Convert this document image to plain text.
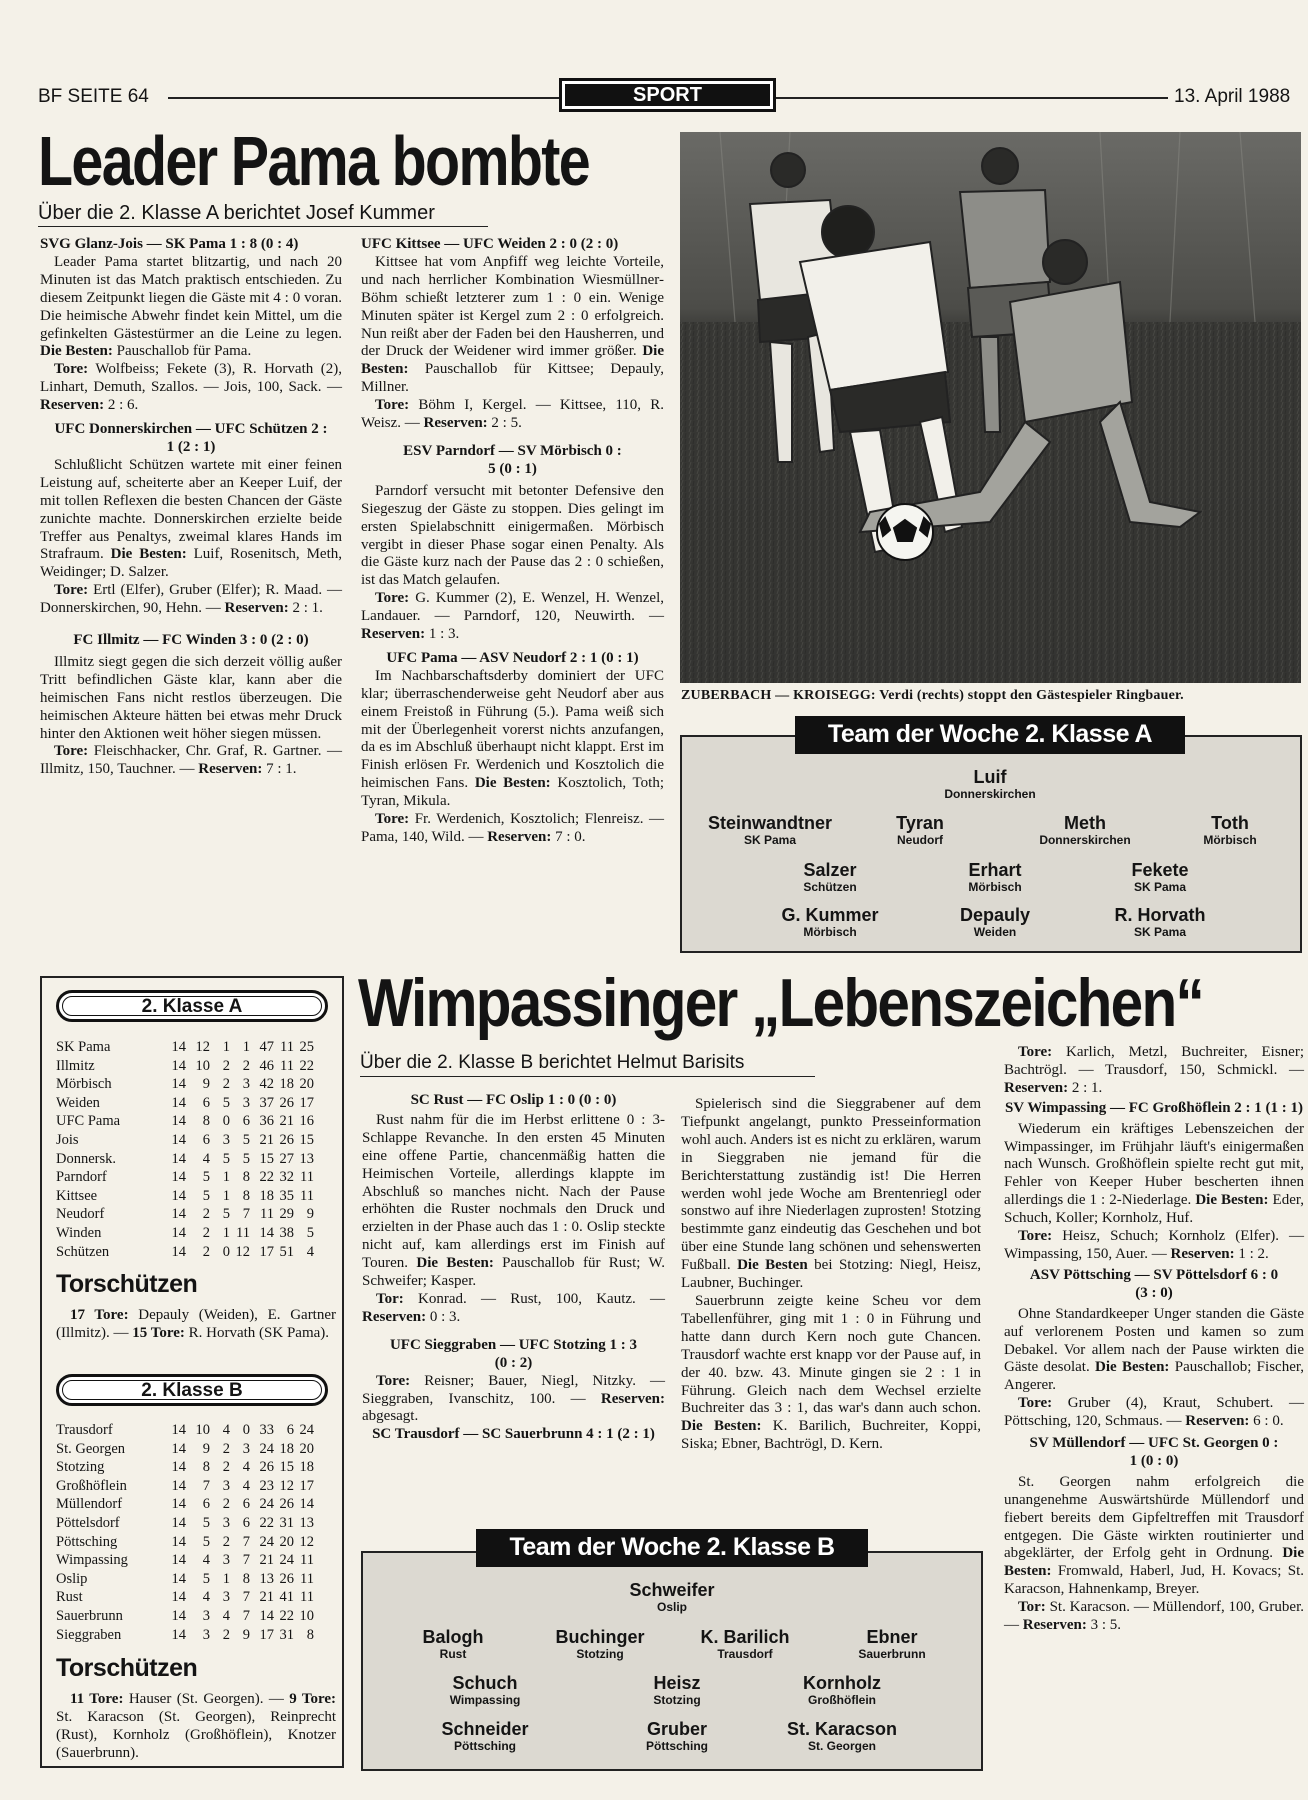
BF SEITE 64	SPORT	13. April 1988
Leader Pama bombte
Über die 2. Klasse A berichtet Josef Kummer

SVG Glanz-Jois — SK Pama 1 : 8 (0 : 4)

Leader Pama startet blitzartig, und nach 20 Minuten ist das Match praktisch entschieden. Zu diesem Zeitpunkt liegen die Gäste mit 4 : 0 voran. Die heimische Abwehr findet kein Mittel, um die gefinkelten Gästestürmer an die Leine zu legen. Die Besten: Pauschallob für Pama.

Tore: Wolfbeiss; Fekete (3), R. Horvath (2), Linhart, Demuth, Szallos. — Jois, 100, Sack. — Reserven: 2 : 6.

UFC Donnerskirchen — UFC Schützen 2 : 1 (2 : 1)

Schlußlicht Schützen wartete mit einer feinen Leistung auf, scheiterte aber an Keeper Luif, der mit tollen Reflexen die besten Chancen der Gäste zunichte machte. Donnerskirchen erzielte beide Treffer aus Penaltys, zweimal klares Hands im Strafraum. Die Besten: Luif, Rosenitsch, Meth, Weidinger; D. Salzer.

Tore: Ertl (Elfer), Gruber (Elfer); R. Maad. — Donnerskirchen, 90, Hehn. — Reserven: 2 : 1.

FC Illmitz — FC Winden 3 : 0 (2 : 0)

Illmitz siegt gegen die sich derzeit völlig außer Tritt befindlichen Gäste klar, kann aber die heimischen Fans nicht restlos überzeugen. Die heimischen Akteure hätten bei etwas mehr Druck hinter den Aktionen weit höher siegen müssen.

Tore: Fleischhacker, Chr. Graf, R. Gartner. — Illmitz, 150, Tauchner. — Reserven: 7 : 1.

UFC Kittsee — UFC Weiden 2 : 0 (2 : 0)

Kittsee hat vom Anpfiff weg leichte Vorteile, und nach herrlicher Kombination Wiesmüllner-Böhm schießt letzterer zum 1 : 0 ein. Wenige Minuten später ist Kergel zum 2 : 0 erfolgreich. Nun reißt aber der Faden bei den Hausherren, und der Druck der Weidener wird immer größer. Die Besten: Pauschallob für Kittsee; Depauly, Millner.

Tore: Böhm I, Kergel. — Kittsee, 110, R. Weisz. — Reserven: 2 : 5.

ESV Parndorf — SV Mörbisch 0 : 5 (0 : 1)

Parndorf versucht mit betonter Defensive den Siegeszug der Gäste zu stoppen. Dies gelingt im ersten Spielabschnitt einigermaßen. Mörbisch vergibt in dieser Phase sogar einen Penalty. Als die Gäste kurz nach der Pause das 2 : 0 schießen, ist das Match gelaufen.

Tore: G. Kummer (2), E. Wenzel, H. Wenzel, Landauer. — Parndorf, 120, Neuwirth. — Reserven: 1 : 3.

UFC Pama — ASV Neudorf 2 : 1 (0 : 1)

Im Nachbarschaftsderby dominiert der UFC klar; überraschenderweise geht Neudorf aber aus einem Freistoß in Führung (5.). Pama weiß sich mit der Überlegenheit vorerst nichts anzufangen, da es im Abschluß überhaupt nicht klappt. Erst im Finish erlösen Fr. Werdenich und Kosztolich die heimischen Fans. Die Besten: Kosztolich, Toth; Tyran, Mikula.

Tore: Fr. Werdenich, Kosztolich; Flenreisz. — Pama, 140, Wild. — Reserven: 7 : 0.

ZUBERBACH — KROISEGG: Verdi (rechts) stoppt den Gästespieler Ringbauer.
Team der Woche 2. Klasse A
Luif
Donnerskirchen
Steinwandtner
SK Pama
Tyran
Neudorf
Meth
Donnerskirchen
Toth
Mörbisch
Salzer
Schützen
Erhart
Mörbisch
Fekete
SK Pama
G. Kummer
Mörbisch
Depauly
Weiden
R. Horvath
SK Pama
2. Klasse A
SK Pama	14	12	1	1	47	11	25
Illmitz	14	10	2	2	46	11	22
Mörbisch	14	9	2	3	42	18	20
Weiden	14	6	5	3	37	26	17
UFC Pama	14	8	0	6	36	21	16
Jois	14	6	3	5	21	26	15
Donnersk.	14	4	5	5	15	27	13
Parndorf	14	5	1	8	22	32	11
Kittsee	14	5	1	8	18	35	11
Neudorf	14	2	5	7	11	29	9
Winden	14	2	1	11	14	38	5
Schützen	14	2	0	12	17	51	4
Torschützen
17 Tore: Depauly (Weiden), E. Gartner (Illmitz). — 15 Tore: R. Horvath (SK Pama).
2. Klasse B
Trausdorf	14	10	4	0	33	6	24
St. Georgen	14	9	2	3	24	18	20
Stotzing	14	8	2	4	26	15	18
Großhöflein	14	7	3	4	23	12	17
Müllendorf	14	6	2	6	24	26	14
Pöttelsdorf	14	5	3	6	22	31	13
Pöttsching	14	5	2	7	24	20	12
Wimpassing	14	4	3	7	21	24	11
Oslip	14	5	1	8	13	26	11
Rust	14	4	3	7	21	41	11
Sauerbrunn	14	3	4	7	14	22	10
Sieggraben	14	3	2	9	17	31	8
Torschützen
11 Tore: Hauser (St. Georgen). — 9 Tore: St. Karacson (St. Georgen), Reinprecht (Rust), Kornholz (Großhöflein), Knotzer (Sauerbrunn).
Wimpassinger „Lebenszeichen“
Über die 2. Klasse B berichtet Helmut Barisits

SC Rust — FC Oslip 1 : 0 (0 : 0)

Rust nahm für die im Herbst erlittene 0 : 3-Schlappe Revanche. In den ersten 45 Minuten eine offene Partie, chancenmäßig hatten die Heimischen Vorteile, allerdings klappte im Abschluß so manches nicht. Nach der Pause erhöhten die Ruster nochmals den Druck und erzielten in der Phase auch das 1 : 0. Oslip steckte nicht auf, kam allerdings erst im Finish auf Touren. Die Besten: Pauschallob für Rust; W. Schweifer; Kasper.

Tor: Konrad. — Rust, 100, Kautz. — Reserven: 0 : 3.

UFC Sieggraben — UFC Stotzing 1 : 3 (0 : 2)

Tore: Reisner; Bauer, Niegl, Nitzky. — Sieggraben, Ivanschitz, 100. — Reserven: abgesagt.

SC Trausdorf — SC Sauerbrunn 4 : 1 (2 : 1)

Spielerisch sind die Sieggrabener auf dem Tiefpunkt angelangt, punkto Presseinformation wohl auch. Anders ist es nicht zu erklären, warum in Sieggraben nie jemand für die Berichterstattung zuständig ist! Die Herren werden wohl jede Woche am Brentenriegl oder sonstwo auf ihre Niederlagen zuprosten! Stotzing bestimmte ganz eindeutig das Geschehen und bot über eine Stunde lang schönen und sehenswerten Fußball. Die Besten bei Stotzing: Niegl, Heisz, Laubner, Buchinger.

Sauerbrunn zeigte keine Scheu vor dem Tabellenführer, ging mit 1 : 0 in Führung und hatte dann durch Kern noch gute Chancen. Trausdorf wachte erst knapp vor der Pause auf, in der 40. bzw. 43. Minute gingen sie 2 : 1 in Führung. Gleich nach dem Wechsel erzielte Buchreiter das 3 : 1, das war's dann auch schon. Die Besten: K. Barilich, Buchreiter, Koppi, Siska; Ebner, Bachtrögl, D. Kern.

Tore: Karlich, Metzl, Buchreiter, Eisner; Bachtrögl. — Trausdorf, 150, Schmickl. — Reserven: 2 : 1.

SV Wimpassing — FC Großhöflein 2 : 1 (1 : 1)

Wiederum ein kräftiges Lebenszeichen der Wimpassinger, im Frühjahr läuft's einigermaßen nach Wunsch. Großhöflein spielte recht gut mit, Fehler von Keeper Huber bescherten ihnen allerdings die 1 : 2-Niederlage. Die Besten: Eder, Schuch, Koller; Kornholz, Huf.

Tore: Heisz, Schuch; Kornholz (Elfer). — Wimpassing, 150, Auer. — Reserven: 1 : 2.

ASV Pöttsching — SV Pöttelsdorf 6 : 0 (3 : 0)

Ohne Standardkeeper Unger standen die Gäste auf verlorenem Posten und kamen so zum Debakel. Vor allem nach der Pause wirkten die Gäste desolat. Die Besten: Pauschallob; Fischer, Angerer.

Tore: Gruber (4), Kraut, Schubert. — Pöttsching, 120, Schmaus. — Reserven: 6 : 0.

SV Müllendorf — UFC St. Georgen 0 : 1 (0 : 0)

St. Georgen nahm erfolgreich die unangenehme Auswärtshürde Müllendorf und fiebert bereits dem Gipfeltreffen mit Trausdorf entgegen. Die Gäste wirkten routinierter und abgeklärter, der Erfolg geht in Ordnung. Die Besten: Fromwald, Haberl, Jud, H. Kovacs; St. Karacson, Hahnenkamp, Breyer.

Tor: St. Karacson. — Müllendorf, 100, Gruber. — Reserven: 3 : 5.

Team der Woche 2. Klasse B
Schweifer
Oslip
Balogh
Rust
Buchinger
Stotzing
K. Barilich
Trausdorf
Ebner
Sauerbrunn
Schuch
Wimpassing
Heisz
Stotzing
Kornholz
Großhöflein
Schneider
Pöttsching
Gruber
Pöttsching
St. Karacson
St. Georgen
